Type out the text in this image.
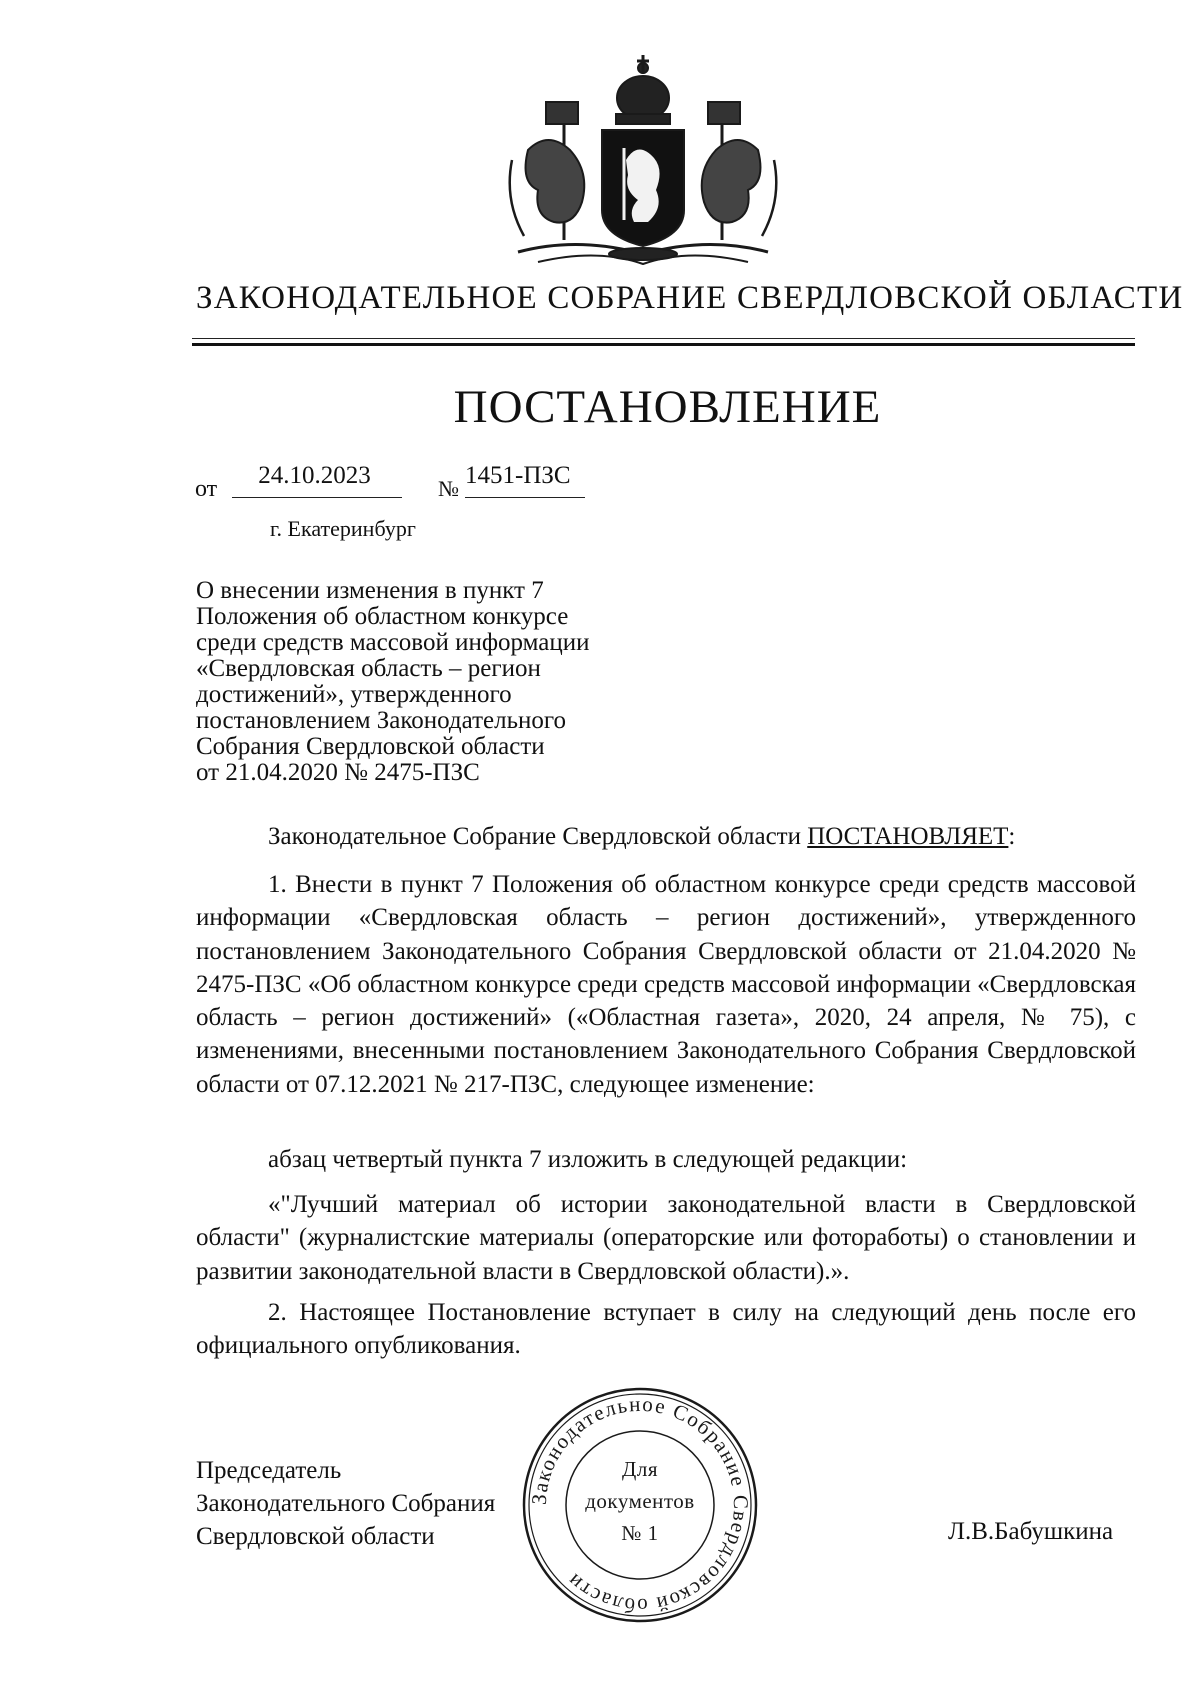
ЗАКОНОДАТЕЛЬНОЕ СОБРАНИЕ СВЕРДЛОВСКОЙ ОБЛАСТИ
ПОСТАНОВЛЕНИЕ
от	24.10.2023	№ 1451-ПЗС
г. Екатеринбург
О внесении изменения в пункт 7
Положения об областном конкурсе
среди средств массовой информации
«Свердловская область – регион
достижений», утвержденного
постановлением Законодательного
Собрания Свердловской области
от 21.04.2020 № 2475-ПЗС
Законодательное Собрание Свердловской области ПОСТАНОВЛЯЕТ:
1. Внести в пункт 7 Положения об областном конкурсе среди средств массовой информации «Свердловская область – регион достижений», утвержденного постановлением Законодательного Собрания Свердловской области от 21.04.2020 № 2475-ПЗС «Об областном конкурсе среди средств массовой информации «Свердловская область – регион достижений» («Областная газета», 2020, 24 апреля, № 75), с изменениями, внесенными постановлением Законодательного Собрания Свердловской области от 07.12.2021 № 217-ПЗС, следующее изменение:
абзац четвертый пункта 7 изложить в следующей редакции:
«"Лучший материал об истории законодательной власти в Свердловской области" (журналистские материалы (операторские или фотоработы) о становлении и развитии законодательной власти в Свердловской области).».
2. Настоящее Постановление вступает в силу на следующий день после его официального опубликования.
Председатель
Законодательного Собрания
Свердловской области	Л.В.Бабушкина
Законодательное Собрание Свердловской области
Для
документов
№ 1
